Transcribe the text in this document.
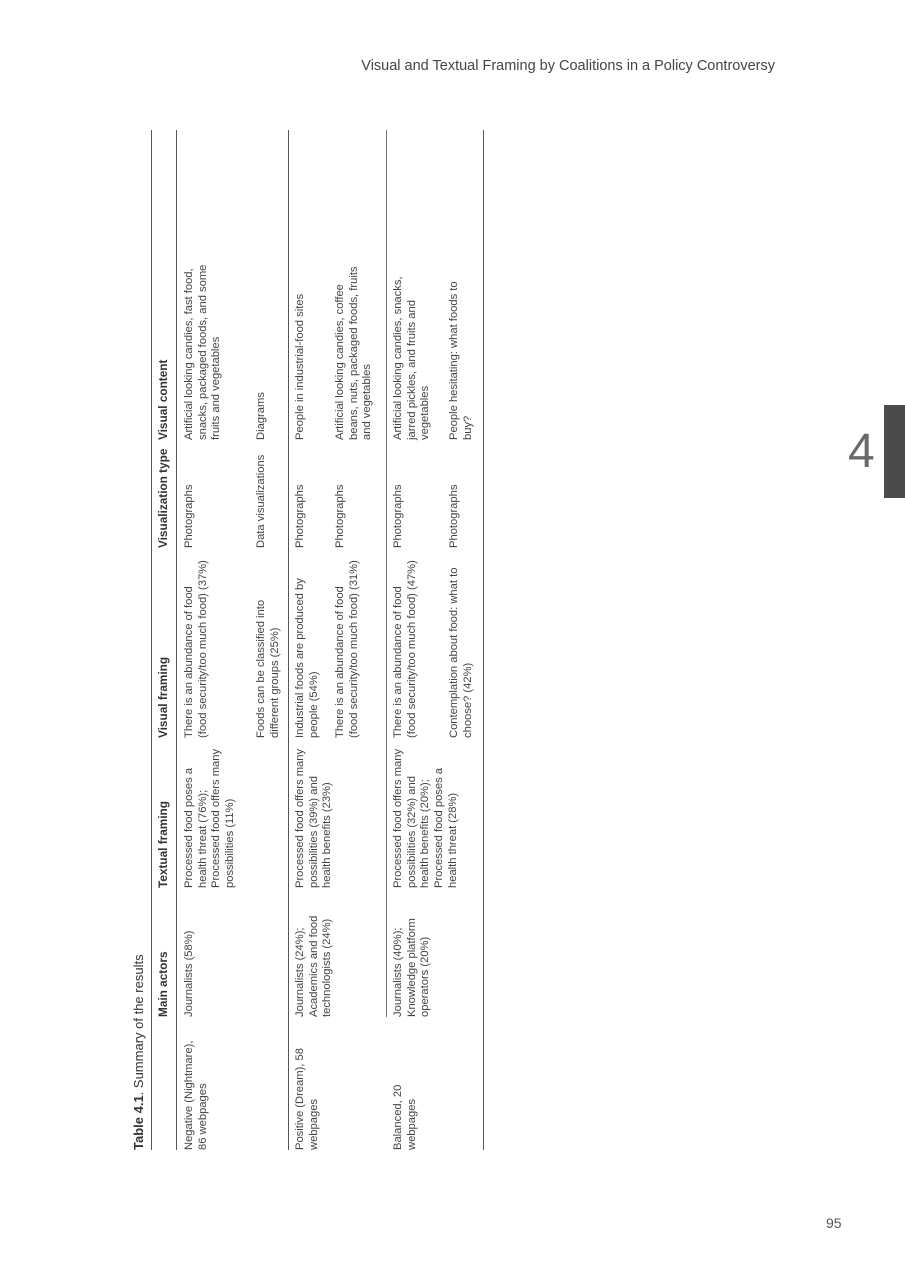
Visual and Textual Framing by Coalitions in a Policy Controversy
4
95
Table 4.1. Summary of the results Main actors
Textual framing
Visual framing
Visualization type
Visual content
Negative (Nightmare), 86 webpages
Journalists (58%)
Processed food poses a health threat (76%); Processed food offers many possibilities (11%)
There is an abundance of food (food security/too much food) (37%)
Photographs
Artificial looking candies, fast food, snacks, packaged foods, and some fruits and vegetables
Foods can be classified into different groups (25%)
Data visualizations
Diagrams
Positive (Dream), 58 webpages
Journalists (24%); Academics and food technologists (24%)
Processed food offers many possibilities (39%) and health benefits (23%)
Industrial foods are produced by people (54%)
Photographs
People in industrial-food sites
There is an abundance of food (food security/too much food) (31%)
Photographs
Artificial looking candies, coffee beans, nuts, packaged foods, fruits and vegetables
Balanced, 20 webpages
Journalists (40%); Knowledge platform operators (20%)
Processed food offers many possibilities (32%) and health benefits (20%); Processed food poses a health threat (28%)
There is an abundance of food (food security/too much food) (47%)
Photographs
Artificial looking candies, snacks, jarred pickles, and fruits and vegetables
Contemplation about food: what to choose? (42%)
Photographs
People hesitating: what foods to buy?
